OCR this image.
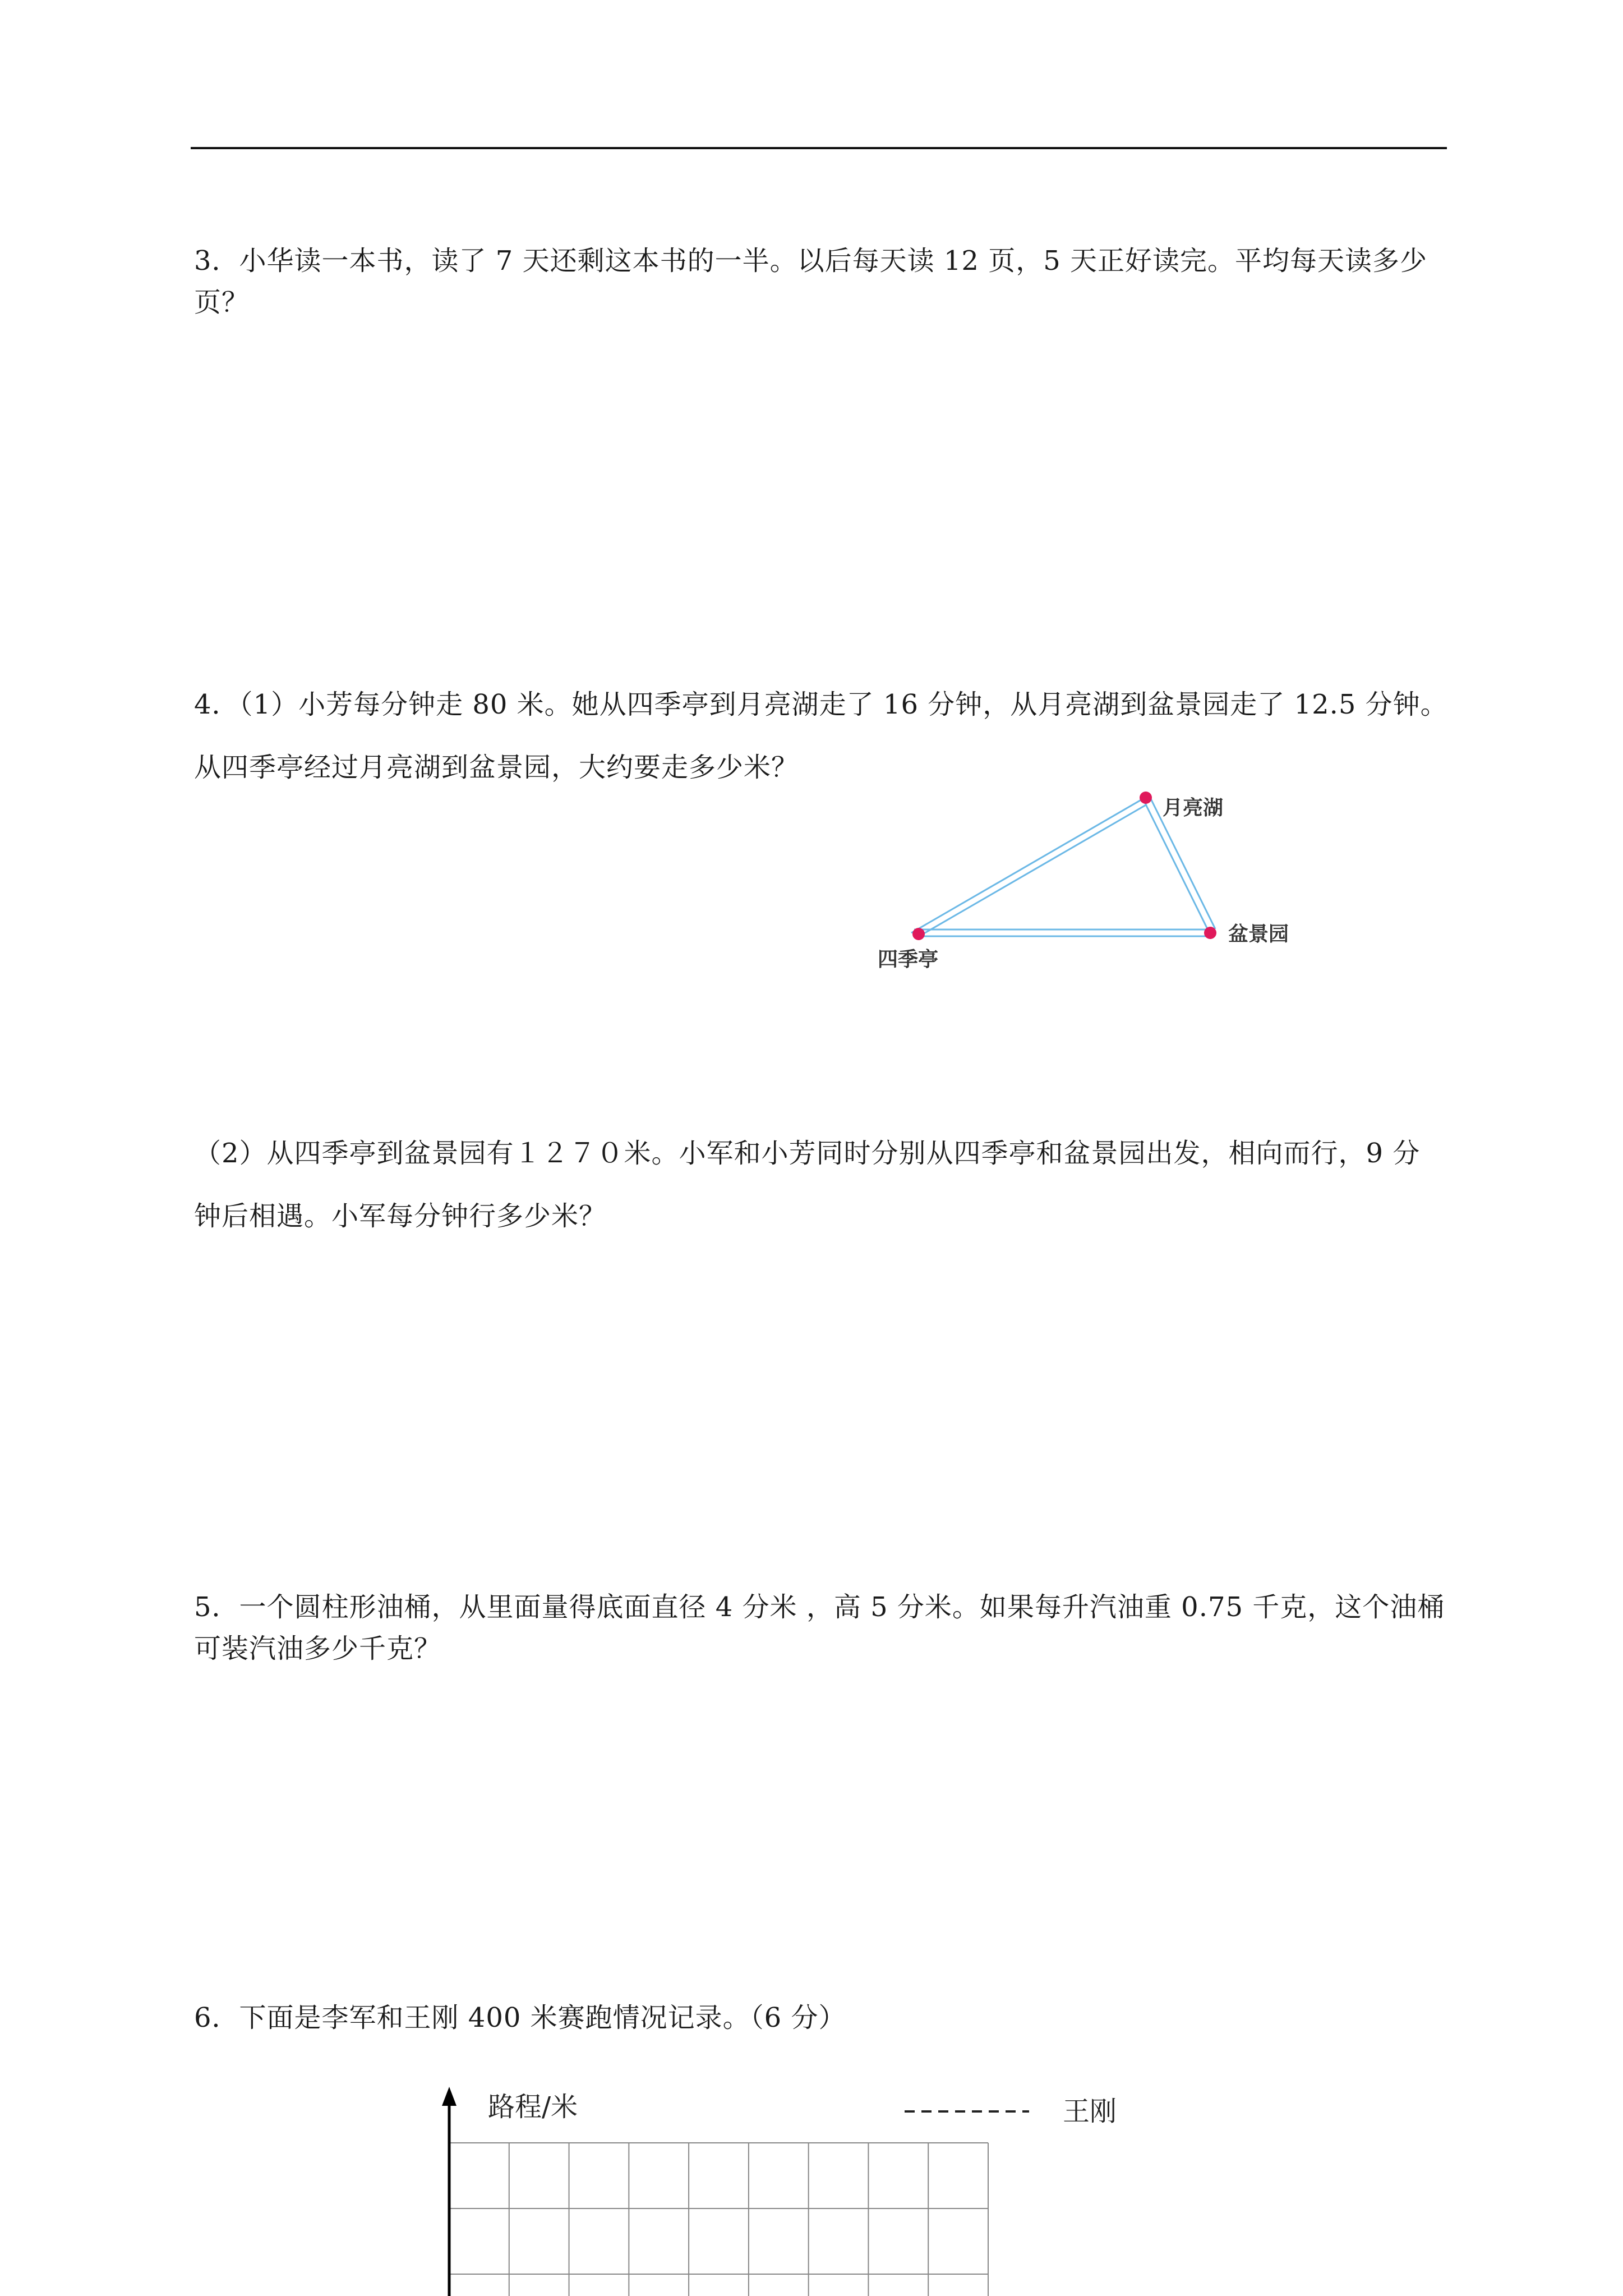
3．小华读一本书，读了 7 天还剩这本书的一半。以后每天读 12 页，5 天正好读完。平均每天读多少页？

4．（1）小芳每分钟走 80 米。她从四季亭到月亮湖走了 16 分钟，从月亮湖到盆景园走了 12.5 分钟。

从四季亭经过月亮湖到盆景园，大约要走多少米？

四季亭
月亮湖
盆景园

（2）从四季亭到盆景园有１２７０米。小军和小芳同时分别从四季亭和盆景园出发，相向而行，9 分

钟后相遇。小军每分钟行多少米？

5．一个圆柱形油桶，从里面量得底面直径 4 分米 ，高 5 分米。如果每升汽油重 0.75 千克，这个油桶可装汽油多少千克？

6．下面是李军和王刚 400 米赛跑情况记录。（6 分）

路程/米	王刚
